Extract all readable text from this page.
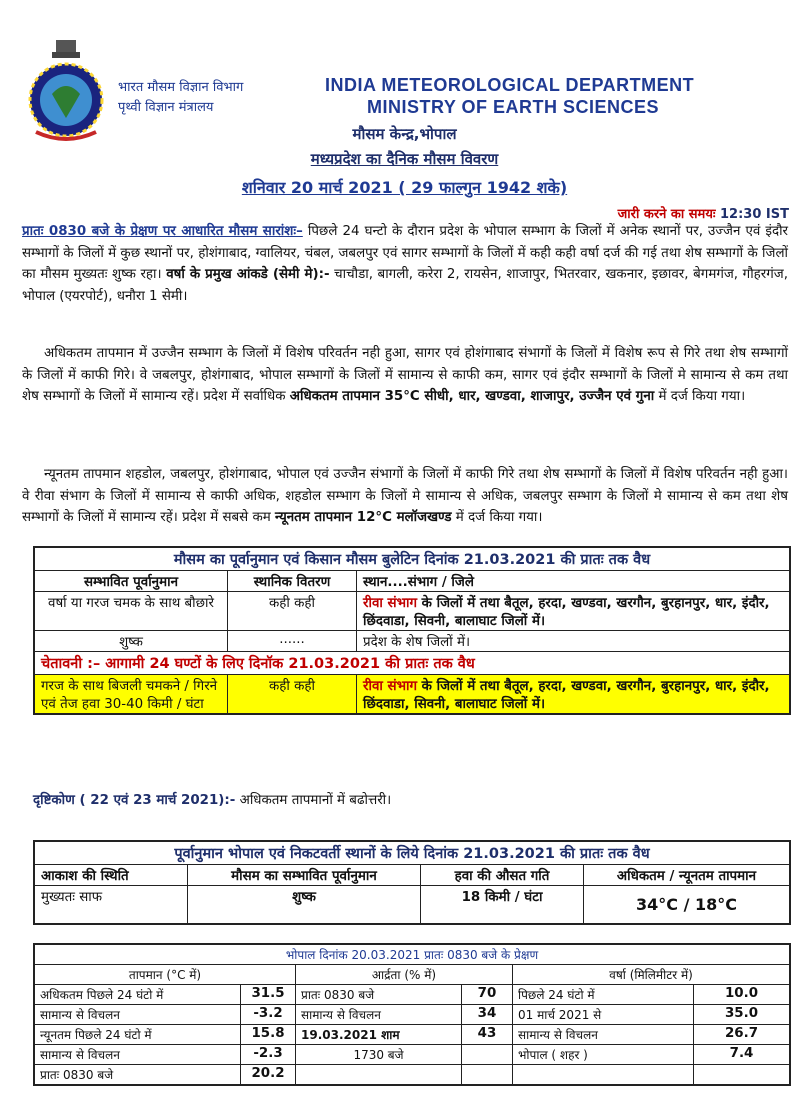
भारत मौसम विज्ञान विभाग
पृथ्वी विज्ञान मंत्रालय
INDIA METEOROLOGICAL DEPARTMENT
MINISTRY OF EARTH SCIENCES
मौसम केन्द्र,भोपाल
मध्यप्रदेश का दैनिक मौसम विवरण
शनिवार 20 मार्च 2021 ( 29 फाल्गुन 1942 शके)
जारी करने का समयः 12:30 IST
प्रातः 0830 बजे के प्रेक्षण पर आधारित मौसम सारांशः– पिछले 24 घन्टो के दौरान प्रदेश के भोपाल सम्भाग के जिलों में अनेक स्थानों पर, उज्जैन एवं इंदौर सम्भागों के जिलों में कुछ स्थानों पर, होशंगाबाद, ग्वालियर, चंबल, जबलपुर एवं सागर सम्भागों के जिलों में कही कही वर्षा दर्ज की गई तथा शेष सम्भागों के जिलों का मौसम मुख्यतः शुष्क रहा। वर्षा के प्रमुख आंकडे (सेमी मे):- चाचौडा, बागली, करेरा 2, रायसेन, शाजापुर, भितरवार, खकनार, इछावर, बेगमगंज, गौहरगंज, भोपाल (एयरपोर्ट), धनौरा 1 सेमी।
अधिकतम तापमान में उज्जैन सम्भाग के जिलों में विशेष परिवर्तन नही हुआ, सागर एवं होशंगाबाद संभागों के जिलों में विशेष रूप से गिरे तथा शेष सम्भागों के जिलों में काफी गिरे। वे जबलपुर, होशंगाबाद, भोपाल सम्भागों के जिलों में सामान्य से काफी कम, सागर एवं इंदौर सम्भागों के जिलों मे सामान्य से कम तथा शेष सम्भागों के जिलों में सामान्य रहें। प्रदेश में सर्वाधिक अधिकतम तापमान 35°C सीधी, धार, खण्डवा, शाजापुर, उज्जैन एवं गुना में दर्ज किया गया।
न्यूनतम तापमान शहडोल, जबलपुर, होशंगाबाद, भोपाल एवं उज्जैन संभागों के जिलों में काफी गिरे तथा शेष सम्भागों के जिलों में विशेष परिवर्तन नही हुआ। वे रीवा संभाग के जिलों में सामान्य से काफी अधिक, शहडोल सम्भाग के जिलों मे सामान्य से अधिक, जबलपुर सम्भाग के जिलों मे सामान्य से कम तथा शेष सम्भागों के जिलों में सामान्य रहें। प्रदेश में सबसे कम न्यूनतम तापमान 12°C मलॉजखण्ड में दर्ज किया गया।
मौसम का पूर्वानुमान एवं किसान मौसम बुलेटिन दिनांक 21.03.2021 की प्रातः तक वैध		
सम्भावित पूर्वानुमान	स्थानिक वितरण	स्थान....संभाग / जिले
वर्षा या गरज चमक के साथ बौछारे	कही कही	रीवा संभाग के जिलों में तथा बैतूल, हरदा, खण्डवा, खरगौन, बुरहानपुर, धार, इंदौर, छिंदवाडा, सिवनी, बालाघाट जिलों में।
शुष्क	......	प्रदेश के शेष जिलों में।
चेतावनी :– आगामी 24 घण्टों के लिए दिनॉक 21.03.2021 की प्रातः तक वैध		
गरज के साथ बिजली चमकने / गिरने एवं तेज हवा 30-40 किमी / घंटा	कही कही	रीवा संभाग के जिलों में तथा बैतूल, हरदा, खण्डवा, खरगौन, बुरहानपुर, धार, इंदौर, छिंदवाडा, सिवनी, बालाघाट जिलों में।
दृष्टिकोण ( 22 एवं 23 मार्च 2021):- अधिकतम तापमानों में बढोत्तरी।
पूर्वानुमान भोपाल एवं निकटवर्ती स्थानों के लिये दिनांक 21.03.2021 की प्रातः तक वैध			
आकाश की स्थिति	मौसम का सम्भावित पूर्वानुमान	हवा की औसत गति	अधिकतम / न्यूनतम तापमान
मुख्यतः साफ	शुष्क	18 किमी / घंटा	34°C / 18°C
भोपाल दिनांक 20.03.2021 प्रातः 0830 बजे के प्रेक्षण					
तापमान (°C में)		आर्द्रता (% में)		वर्षा (मिलिमीटर में)	
अधिकतम पिछले 24 घंटो में	31.5	प्रातः 0830 बजे	70	पिछले 24 घंटो में	10.0
सामान्य से विचलन	-3.2	सामान्य से विचलन	34	01 मार्च 2021 से	35.0
न्यूनतम पिछले 24 घंटो में	15.8	19.03.2021 शाम	43	सामान्य से विचलन	26.7
सामान्य से विचलन	-2.3	1730 बजे		भोपाल ( शहर )	7.4
प्रातः 0830 बजे	20.2				
